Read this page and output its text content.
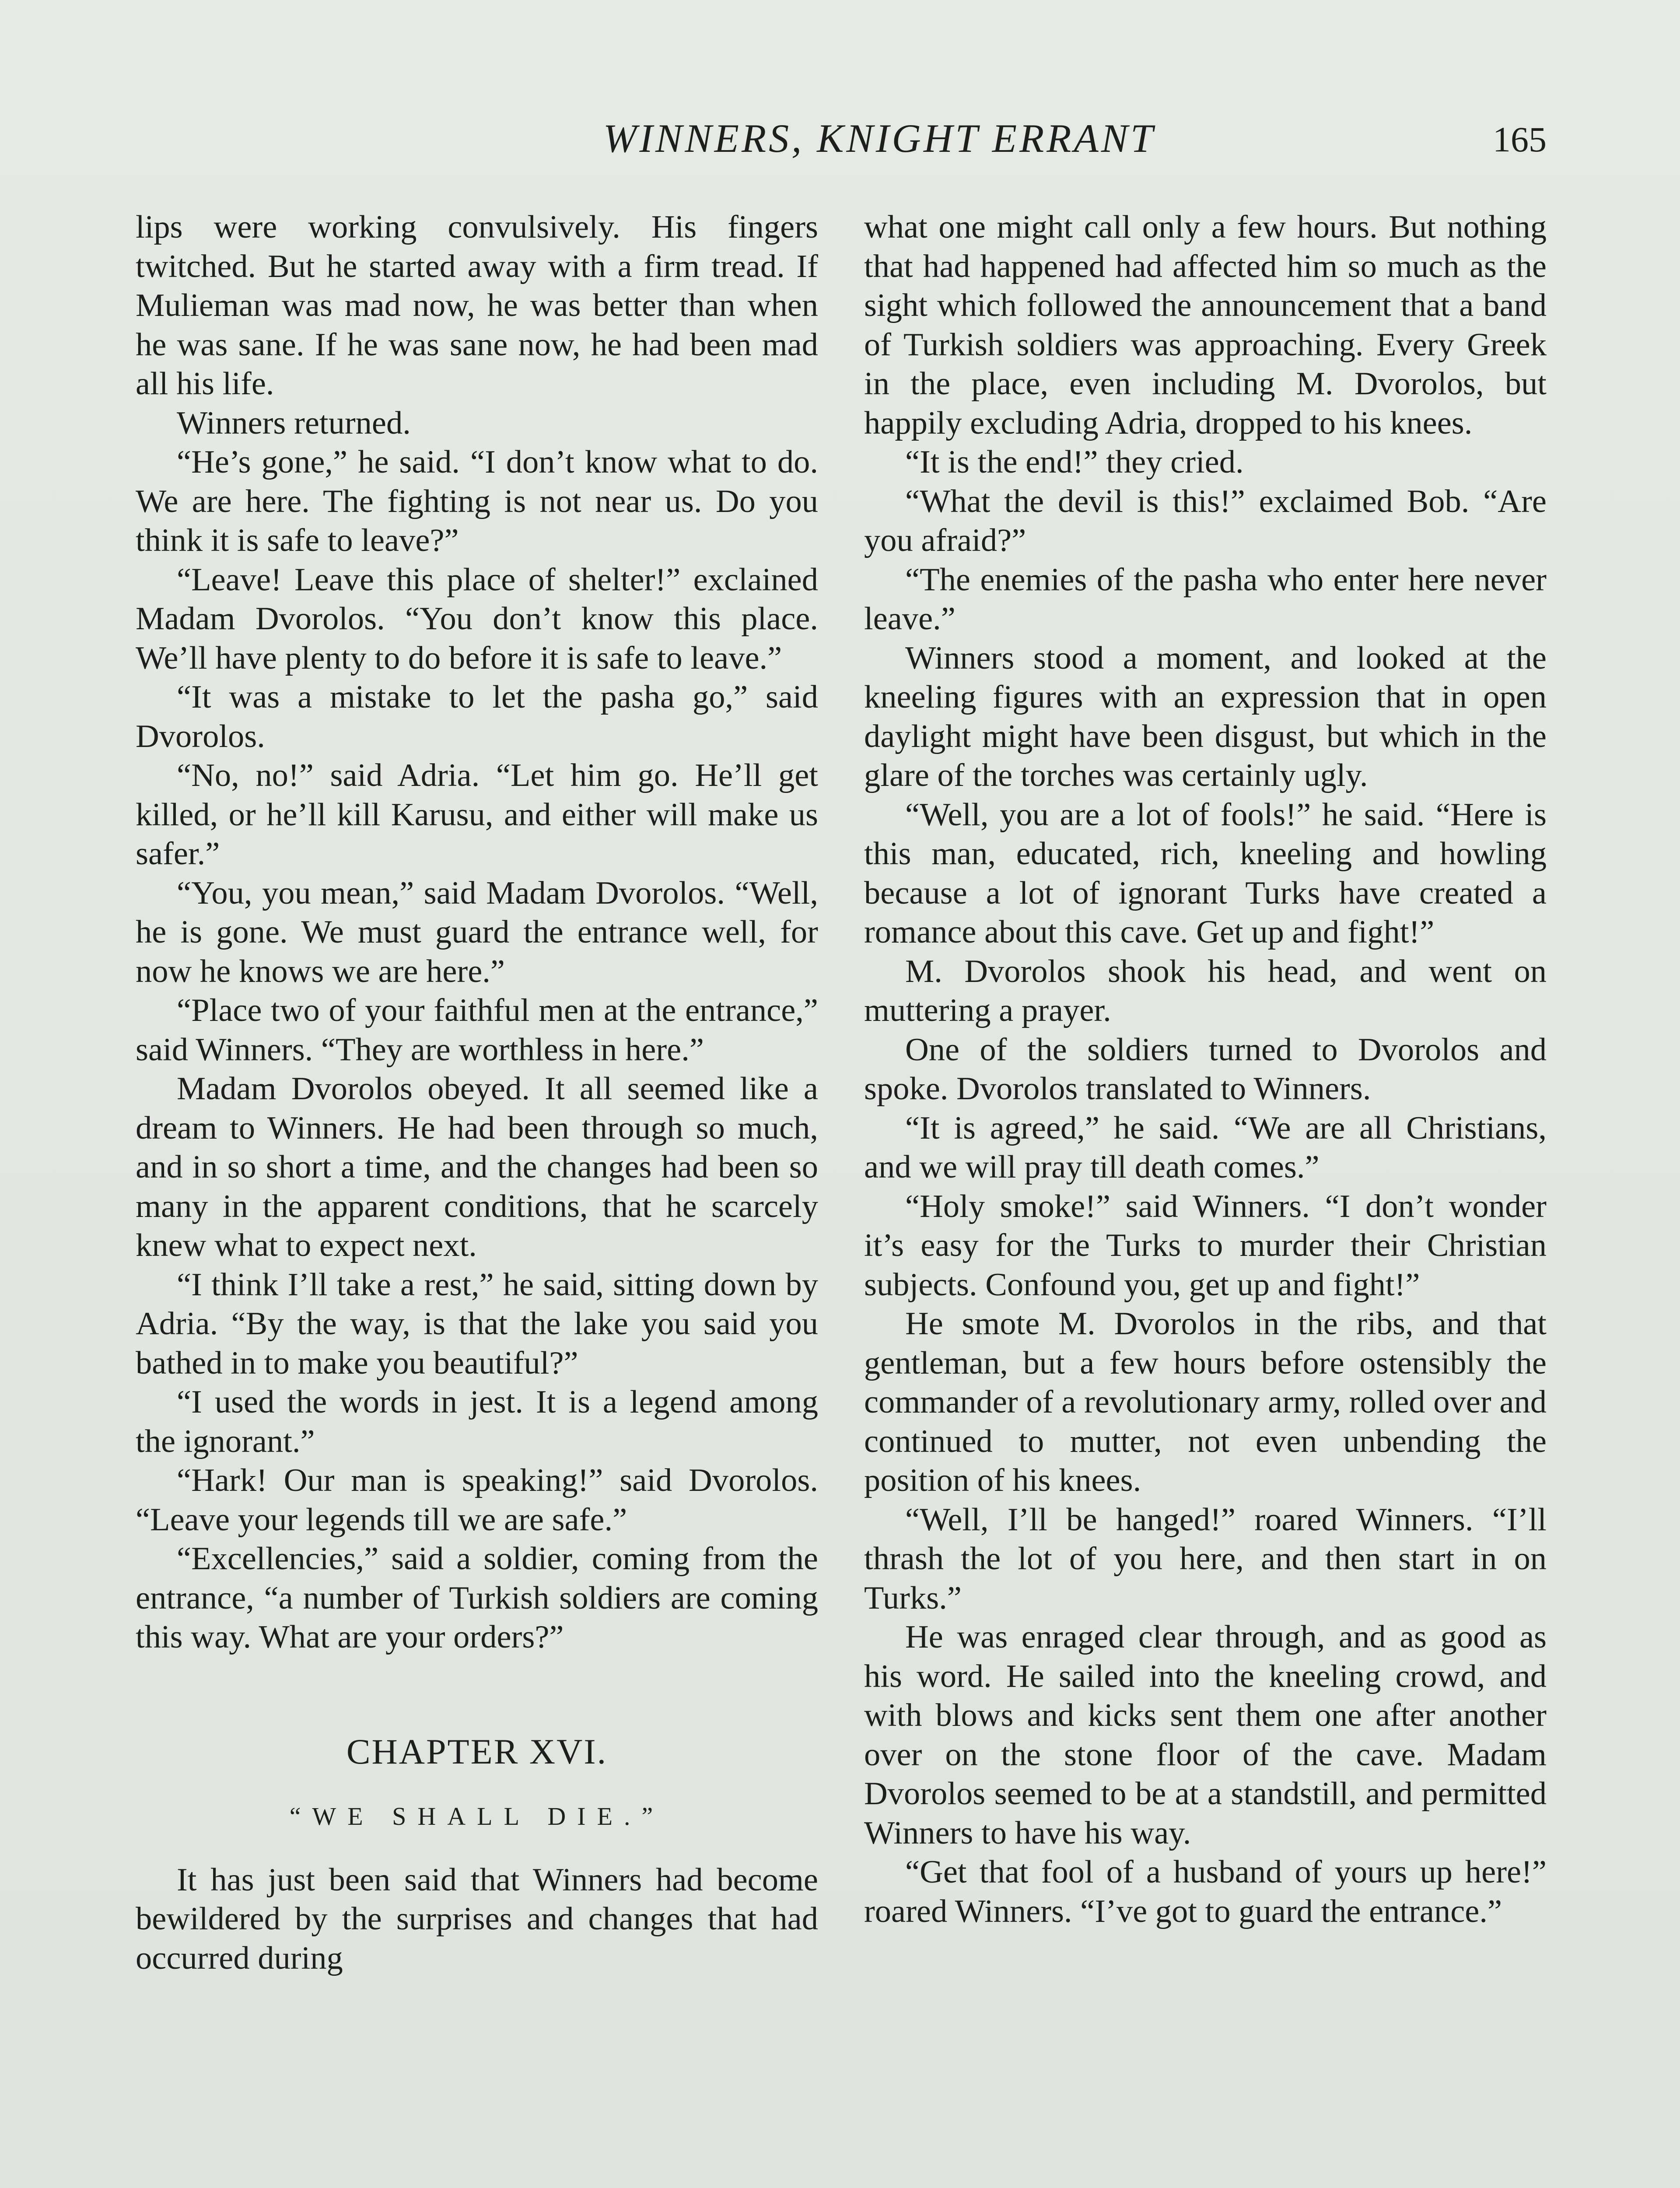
WINNERS, KNIGHT ERRANT	165

lips were working convulsively. His fingers twitched. But he started away with a firm tread. If Mulieman was mad now, he was better than when he was sane. If he was sane now, he had been mad all his life.

Winners returned.

“He’s gone,” he said. “I don’t know what to do. We are here. The fighting is not near us. Do you think it is safe to leave?”

“Leave! Leave this place of shelter!” exclained Madam Dvorolos. “You don’t know this place. We’ll have plenty to do before it is safe to leave.”

“It was a mistake to let the pasha go,” said Dvorolos.

“No, no!” said Adria. “Let him go. He’ll get killed, or he’ll kill Karusu, and either will make us safer.”

“You, you mean,” said Madam Dvorolos. “Well, he is gone. We must guard the entrance well, for now he knows we are here.”

“Place two of your faithful men at the entrance,” said Winners. “They are worthless in here.”

Madam Dvorolos obeyed. It all seemed like a dream to Winners. He had been through so much, and in so short a time, and the changes had been so many in the apparent conditions, that he scarcely knew what to expect next.

“I think I’ll take a rest,” he said, sitting down by Adria. “By the way, is that the lake you said you bathed in to make you beautiful?”

“I used the words in jest. It is a legend among the ignorant.”

“Hark! Our man is speaking!” said Dvorolos. “Leave your legends till we are safe.”

“Excellencies,” said a soldier, coming from the entrance, “a number of Turkish soldiers are coming this way. What are your orders?”

CHAPTER XVI.
“WE SHALL DIE.”

It has just been said that Winners had become bewildered by the surprises and changes that had occurred during

what one might call only a few hours. But nothing that had happened had affected him so much as the sight which followed the announcement that a band of Turkish soldiers was approaching. Every Greek in the place, even including M. Dvorolos, but happily excluding Adria, dropped to his knees.

“It is the end!” they cried.

“What the devil is this!” exclaimed Bob. “Are you afraid?”

“The enemies of the pasha who enter here never leave.”

Winners stood a moment, and looked at the kneeling figures with an expression that in open daylight might have been disgust, but which in the glare of the torches was certainly ugly.

“Well, you are a lot of fools!” he said. “Here is this man, educated, rich, kneeling and howling because a lot of ignorant Turks have created a romance about this cave. Get up and fight!”

M. Dvorolos shook his head, and went on muttering a prayer.

One of the soldiers turned to Dvorolos and spoke. Dvorolos translated to Winners.

“It is agreed,” he said. “We are all Christians, and we will pray till death comes.”

“Holy smoke!” said Winners. “I don’t wonder it’s easy for the Turks to murder their Christian subjects. Confound you, get up and fight!”

He smote M. Dvorolos in the ribs, and that gentleman, but a few hours before ostensibly the commander of a revolutionary army, rolled over and continued to mutter, not even unbending the position of his knees.

“Well, I’ll be hanged!” roared Winners. “I’ll thrash the lot of you here, and then start in on Turks.”

He was enraged clear through, and as good as his word. He sailed into the kneeling crowd, and with blows and kicks sent them one after another over on the stone floor of the cave. Madam Dvorolos seemed to be at a standstill, and permitted Winners to have his way.

“Get that fool of a husband of yours up here!” roared Winners. “I’ve got to guard the entrance.”
